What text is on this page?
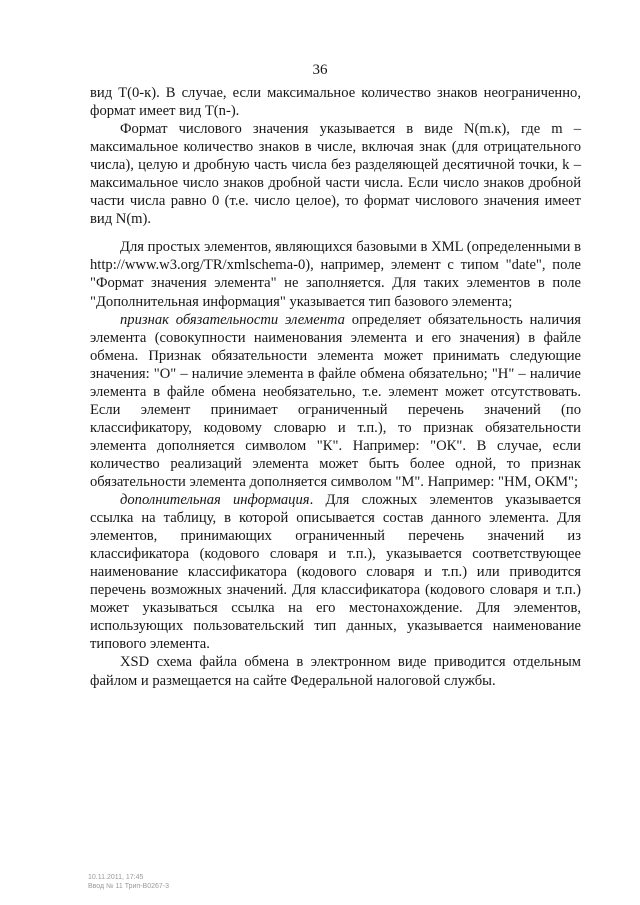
36

вид T(0-к). В случае, если максимальное количество знаков неограниченно, формат имеет вид T(n-).

Формат числового значения указывается в виде N(m.к), где m – максимальное количество знаков в числе, включая знак (для отрицательного числа), целую и дробную часть числа без разделяющей десятичной точки, k – максимальное число знаков дробной части числа. Если число знаков дробной части числа равно 0 (т.е. число целое), то формат числового значения имеет вид N(m).

Для простых элементов, являющихся базовыми в XML (определенными в http://www.w3.org/TR/xmlschema-0), например, элемент с типом "date", поле "Формат значения элемента" не заполняется. Для таких элементов в поле "Дополнительная информация" указывается тип базового элемента;

признак обязательности элемента определяет обязательность наличия элемента (совокупности наименования элемента и его значения) в файле обмена. Признак обязательности элемента может принимать следующие значения: "О" – наличие элемента в файле обмена обязательно; "Н" – наличие элемента в файле обмена необязательно, т.е. элемент может отсутствовать. Если элемент принимает ограниченный перечень значений (по классификатору, кодовому словарю и т.п.), то признак обязательности элемента дополняется символом "К". Например: "ОК". В случае, если количество реализаций элемента может быть более одной, то признак обязательности элемента дополняется символом "М". Например: "НМ, ОКМ";

дополнительная информация. Для сложных элементов указывается ссылка на таблицу, в которой описывается состав данного элемента. Для элементов, принимающих ограниченный перечень значений из классификатора (кодового словаря и т.п.), указывается соответствующее наименование классификатора (кодового словаря и т.п.) или приводится перечень возможных значений. Для классификатора (кодового словаря и т.п.) может указываться ссылка на его местонахождение. Для элементов, использующих пользовательский тип данных, указывается наименование типового элемента.

XSD схема файла обмена в электронном виде приводится отдельным файлом и размещается на сайте Федеральной налоговой службы.

10.11.2011, 17:45
Ввод № 11 Трип-В0267-3
